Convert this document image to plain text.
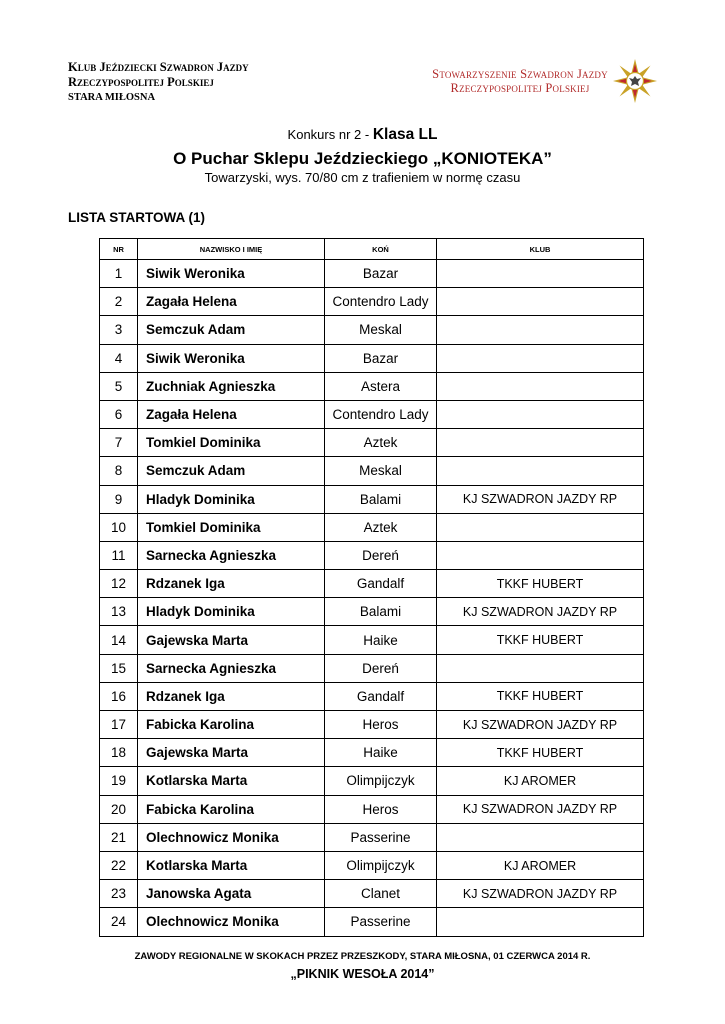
Klub Jeździecki Szwadron Jazdy
Rzeczypospolitej Polskiej
STARA MIŁOSNA
Stowarzyszenie Szwadron Jazdy
Rzeczypospolitej Polskiej
Konkurs nr 2 - Klasa LL
O Puchar Sklepu Jeździeckiego „KONIOTEKA”
Towarzyski, wys. 70/80 cm z trafieniem w normę czasu
LISTA STARTOWA (1)
NR	NAZWISKO I IMIĘ	KOŃ	KLUB
1	Siwik Weronika	Bazar	
2	Zagała Helena	Contendro Lady	
3	Semczuk Adam	Meskal	
4	Siwik Weronika	Bazar	
5	Zuchniak Agnieszka	Astera	
6	Zagała Helena	Contendro Lady	
7	Tomkiel Dominika	Aztek	
8	Semczuk Adam	Meskal	
9	Hladyk Dominika	Balami	KJ SZWADRON JAZDY RP
10	Tomkiel Dominika	Aztek	
11	Sarnecka Agnieszka	Dereń	
12	Rdzanek Iga	Gandalf	TKKF HUBERT
13	Hladyk Dominika	Balami	KJ SZWADRON JAZDY RP
14	Gajewska Marta	Haike	TKKF HUBERT
15	Sarnecka Agnieszka	Dereń	
16	Rdzanek Iga	Gandalf	TKKF HUBERT
17	Fabicka Karolina	Heros	KJ SZWADRON JAZDY RP
18	Gajewska Marta	Haike	TKKF HUBERT
19	Kotlarska Marta	Olimpijczyk	KJ AROMER
20	Fabicka Karolina	Heros	KJ SZWADRON JAZDY RP
21	Olechnowicz Monika	Passerine	
22	Kotlarska Marta	Olimpijczyk	KJ AROMER
23	Janowska Agata	Clanet	KJ SZWADRON JAZDY RP
24	Olechnowicz Monika	Passerine	
ZAWODY REGIONALNE W SKOKACH PRZEZ PRZESZKODY, STARA MIŁOSNA, 01 CZERWCA 2014 R.
„PIKNIK WESOŁA 2014”
